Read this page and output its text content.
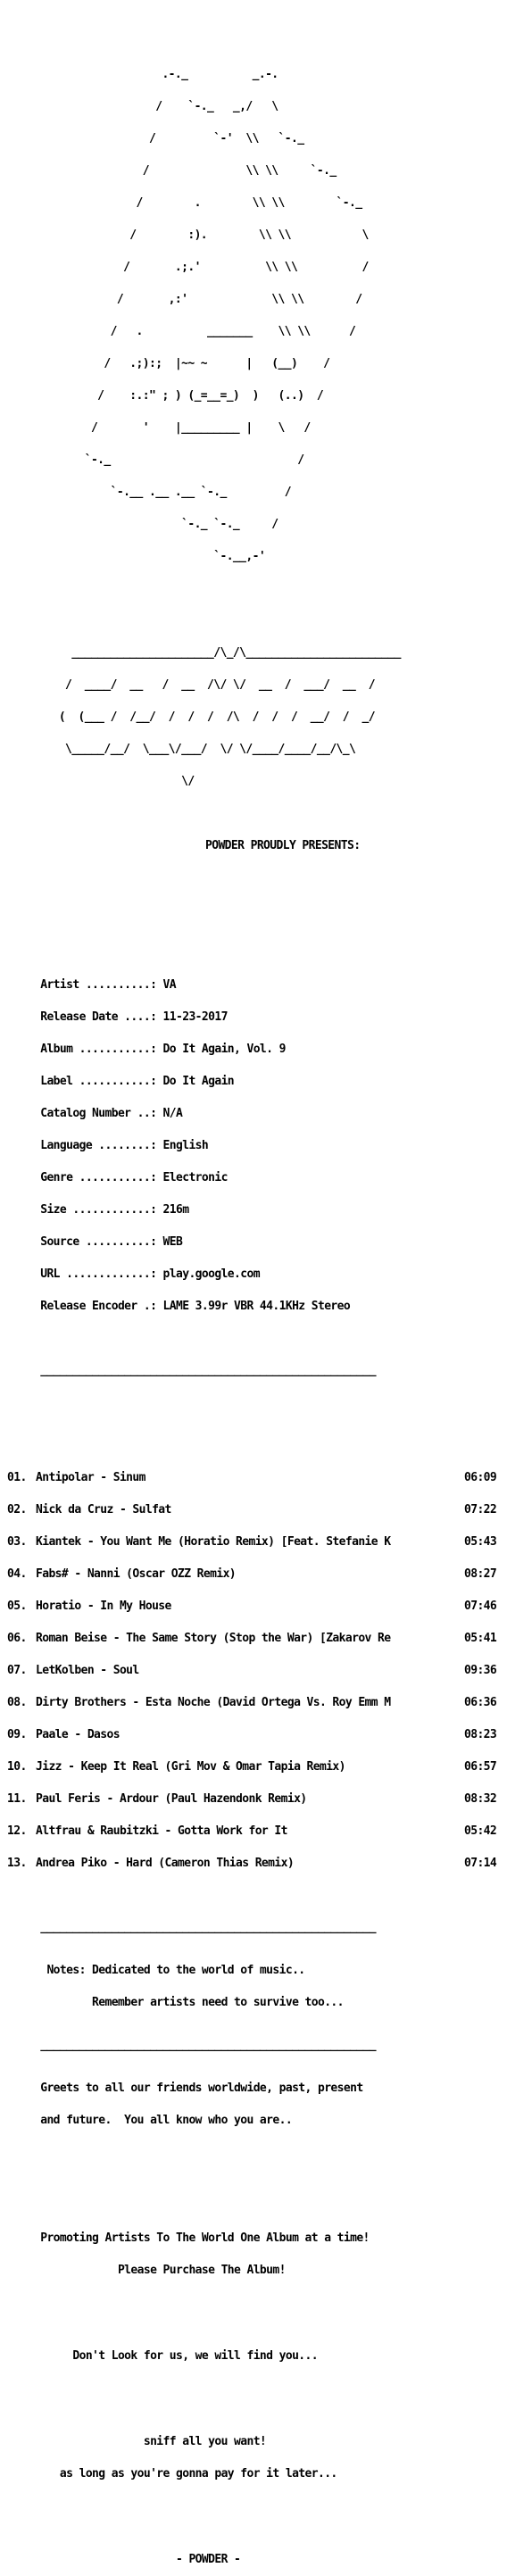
.-._          _.-.

/    `-._   _,/   \

/         `-'  \\   `-._

/               \\ \\     `-._

/        .        \\ \\        `-._

/        :).        \\ \\           \

/       .;.'          \\ \\          /

/       ,:'             \\ \\        /

/   .          _______    \\ \\      /

/   .;):;  |~~ ~      |   (__)    /

/    :.:" ; ) (_=__=_)  )   (..)  /

/       '    |_________ |    \   /

`-._                             /

`-.__ .__ .__ `-._         /

`-._ `-._     /

`-.__,-'

______________________/\_/\________________________

/  ____/  __   /  __  /\/ \/  __  /  ___/  __  /

(  (___ /  /__/  /  /  /  /\  /  /  /  __/  /  _/

\_____/__/  \___\/___/  \/ \/____/____/__/\_\

\/

POWDER PROUDLY PRESENTS:

Artist ..........: VA

Release Date ....: 11-23-2017

Album ...........: Do It Again, Vol. 9

Label ...........: Do It Again

Catalog Number ..: N/A

Language ........: English

Genre ...........: Electronic

Size ............: 216m

Source ..........: WEB

URL .............: play.google.com

Release Encoder .: LAME 3.99r VBR 44.1KHz Stereo

____________________________________________________

01. Antipolar - Sinum	06:09

02. Nick da Cruz - Sulfat	07:22

03. Kiantek - You Want Me (Horatio Remix) [Feat. Stefanie K	05:43

04. Fabs# - Nanni (Oscar OZZ Remix)	08:27

05. Horatio - In My House	07:46

06. Roman Beise - The Same Story (Stop the War) [Zakarov Re	05:41

07. LetKolben - Soul	09:36

08. Dirty Brothers - Esta Noche (David Ortega Vs. Roy Emm M	06:36

09. Paale - Dasos	08:23

10. Jizz - Keep It Real (Gri Mov & Omar Tapia Remix)	06:57

11. Paul Feris - Ardour (Paul Hazendonk Remix)	08:32

12. Altfrau & Raubitzki - Gotta Work for It	05:42

13. Andrea Piko - Hard (Cameron Thias Remix)	07:14

____________________________________________________

Notes: Dedicated to the world of music..

Remember artists need to survive too...

____________________________________________________

Greets to all our friends worldwide, past, present

and future.  You all know who you are..

Promoting Artists To The World One Album at a time!

Please Purchase The Album!

Don't Look for us, we will find you...

sniff all you want!

as long as you're gonna pay for it later...

- POWDER -
